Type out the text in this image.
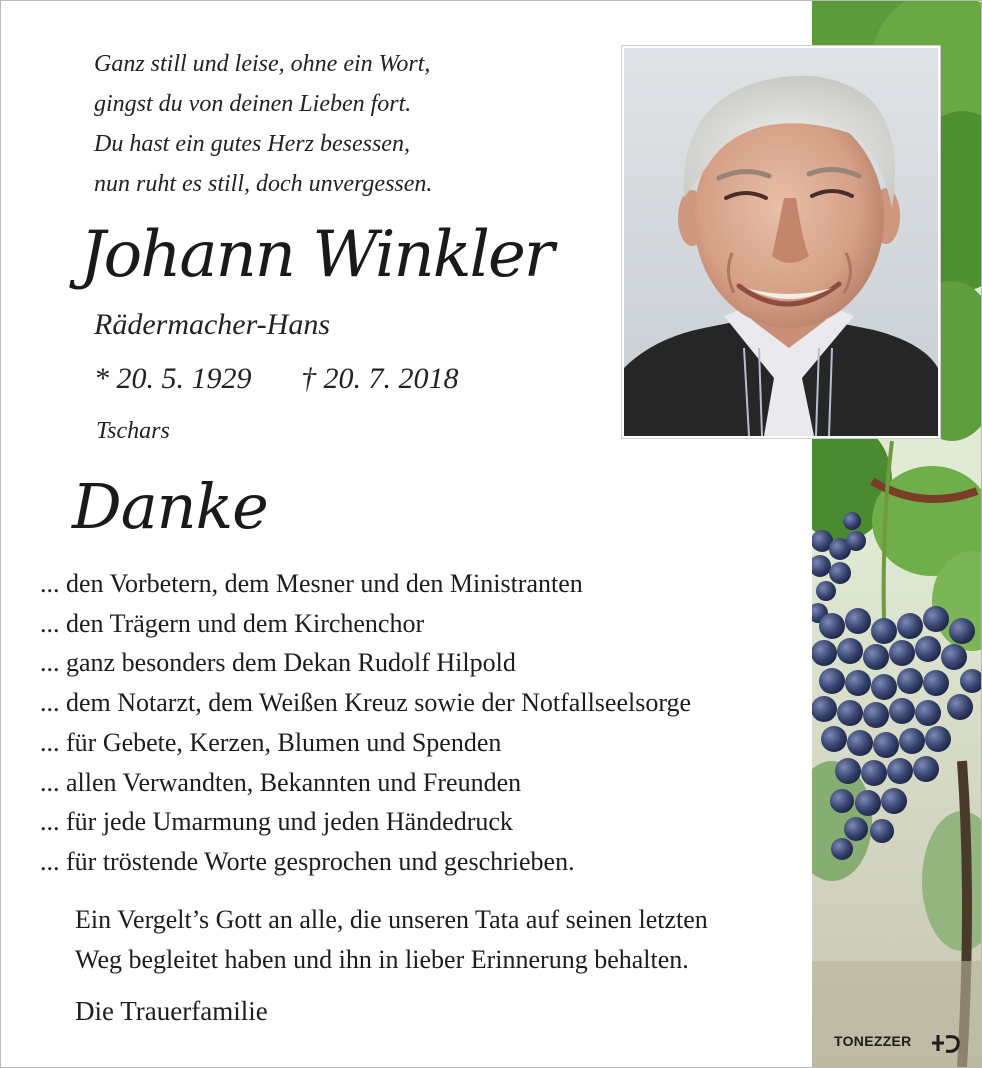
Ganz still und leise, ohne ein Wort,
gingst du von deinen Lieben fort.
Du hast ein gutes Herz besessen,
nun ruht es still, doch unvergessen.
Johann Winkler
Rädermacher-Hans
* 20. 5. 1929 † 20. 7. 2018
Tschars
Danke
... den Vorbetern, dem Mesner und den Ministranten
... den Trägern und dem Kirchenchor
... ganz besonders dem Dekan Rudolf Hilpold
... dem Notarzt, dem Weißen Kreuz sowie der Notfallseelsorge
... für Gebete, Kerzen, Blumen und Spenden
... allen Verwandten, Bekannten und Freunden
... für jede Umarmung und jeden Händedruck
... für tröstende Worte gesprochen und geschrieben.
Ein Vergelt’s Gott an alle, die unseren Tata auf seinen letzten
Weg begleitet haben und ihn in lieber Erinnerung behalten.
Die Trauerfamilie
TONEZZER
